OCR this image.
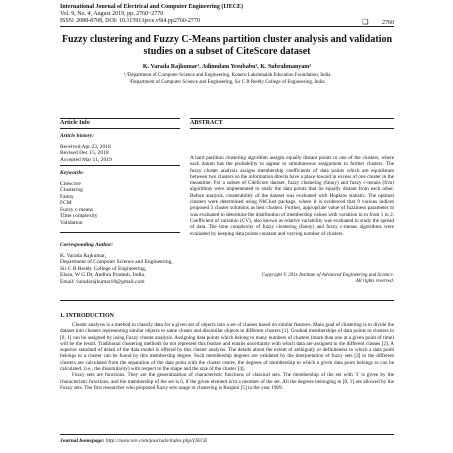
International Journal of Electrical and Computer Engineering (IJECE)
Vol. 9, No. 4, August 2019, pp. 2760~2770
ISSN: 2088-8708, DOI: 10.11591/ijece.v9i4.pp2760-2770	❏ 2760
Fuzzy clustering and Fuzzy C-Means partition cluster analysis and validation studies on a subset of CiteScore dataset
K. Varada Rajkumar¹, Adimulam Yesubabu², K. Subrahmanyam³
¹,³Department of Computer Science and Engineering, Koneru Lakshmaiah Education Foundation, India
²Department of Computer Science and Engineering, Sir C R Reddy College of Engineering, India
Article Info	ABSTRACT
Article history:
Received Apr 23, 2018
Revised Dec 15, 2018
Accepted Mar 11, 2019
Keywords:
Citescore
Clustering
Fanny
FCM
Fuzzy c-means
Time complexity
Validation
A hard partition clustering algorithm assigns equally distant points to one of the clusters, where each datum has the probability to appear in simultaneous assignment to further clusters. The fuzzy cluster analysis assigns membership coefficients of data points which are equidistant between two clusters so the information directs have a place toward in excess of one cluster in the meantime. For a subset of CiteScore dataset, fuzzy clustering (fanny) and fuzzy c-means (fcm) algorithms were implemented to study the data points that lie equally distant from each other. Before analysis, clusterability of the dataset was evaluated with Hopkins statistic. The optimal clusters were determined using NbClust package, where it is evidenced that 9 various indices proposed 3 cluster solutions as best clusters. Further, appropriate value of fuzziness parameter m was evaluated to determine the distribution of membership values with variation in m from 1 to 2. Coefficient of variation (CV), also known as relative variability was evaluated to study the spread of data. The time complexity of fuzzy clustering (fanny) and fuzzy c-means algorithms were evaluated by keeping data points constant and varying number of clusters.
Copyright © 201x Institute of Advanced Engineering and Science.
All rights reserved.
Corresponding Author:
K. Varada Rajkumar,
Department of Computer Science and Engineering,
Sir C R Reddy College of Engineering,
Eluru, W G Dt, Andhra Pradesh, India.
Email: varadarajkumar18@gmail.com
1. INTRODUCTION

Cluster analysis is a method to classify data for a given set of objects into a set of classes based on similar features. Main goal of clustering is to divide the dataset into clusters representing similar objects to same cluster and dissimilar objects to different clusters [1]. Gradual memberships of data points to clusters in [0, 1] can be assigned by using Fuzzy cluster analysis. Assigning data points which belong to many numbers of clusters (more than one at a given point of time) will be the result. Traditional clustering methods do not represent this feature and entails uncertainty with which data are assigned to the different classes [2]. A superior standard of detail of the data model is offered by this cluster analysis. The details about the extent of ambiguity or definiteness to which a data point belongs to a cluster can be found by this membership degree. Such membership degrees are validated by the interpretation of fuzzy sets [3] to the different clusters are calculated from the separation of the data point with the cluster centre, the degrees of membership to which a given data point belongs to can be calculated. (i.e., the dissimilarity) with respect to the shape and the size of the cluster [4].

Fuzzy sets are functions. They are the generalization of characteristic functions of classical sets. The membership of the set with '1' is given by the characteristic functions, and the membership of the set is 0, if the given element is'nt a member of the set. All the degrees belonging in [0, 1] are allowed by the Fuzzy sets. The first researcher who proposed fuzzy sets usage in clustering is Ruspini [5] in the year 1969.

Journal homepage: http://iaescore.com/journals/index.php/IJECE
